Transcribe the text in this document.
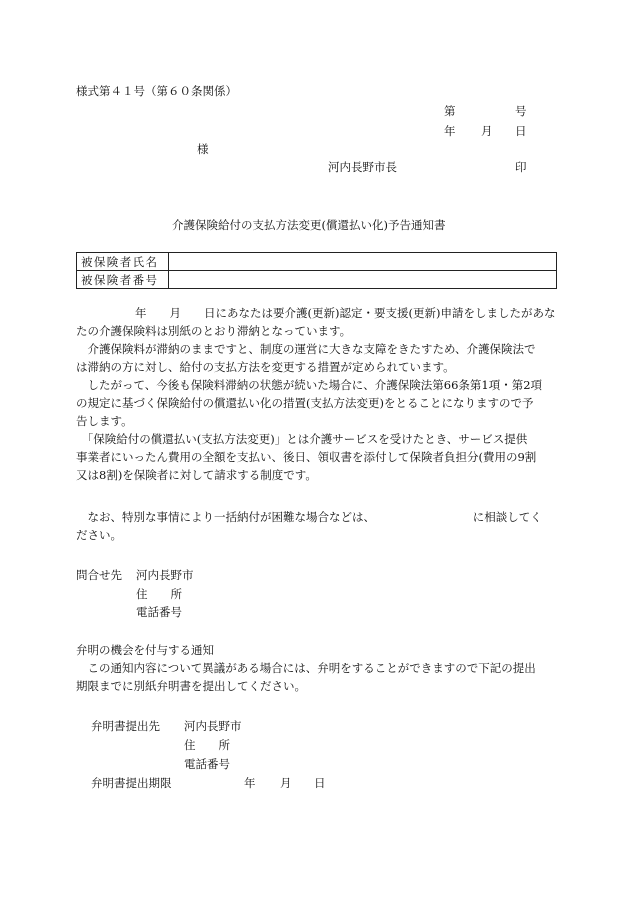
様式第４１号（第６０条関係）
第	号
年 月 日
様
河内長野市長	印
介護保険給付の支払方法変更(償還払い化)予告通知書
被保険者氏名	
被保険者番号	
　　年　　月　　日にあなたは要介護(更新)認定・要支援(更新)申請をしましたがあな
たの介護保険料は別紙のとおり滞納となっています。
　介護保険料が滞納のままですと、制度の運営に大きな支障をきたすため、介護保険法で
は滞納の方に対し、給付の支払方法を変更する措置が定められています。
　したがって、今後も保険料滞納の状態が続いた場合に、介護保険法第66条第1項・第2項
の規定に基づく保険給付の償還払い化の措置(支払方法変更)をとることになりますので予
告します。
　「保険給付の償還払い(支払方法変更)」とは介護サービスを受けたとき、サービス提供
事業者にいったん費用の全額を支払い、後日、領収書を添付して保険者負担分(費用の9割
又は8割)を保険者に対して請求する制度です。
　なお、特別な事情により一括納付が困難な場合などは、　　　　　　　　　に相談してく
ださい。
問合せ先 河内長野市
住　　所
電話番号
弁明の機会を付与する通知
　この通知内容について異議がある場合には、弁明をすることができますので下記の提出
期限までに別紙弁明書を提出してください。
弁明書提出先 河内長野市
住　　所
電話番号
弁明書提出期限	年 月 日
